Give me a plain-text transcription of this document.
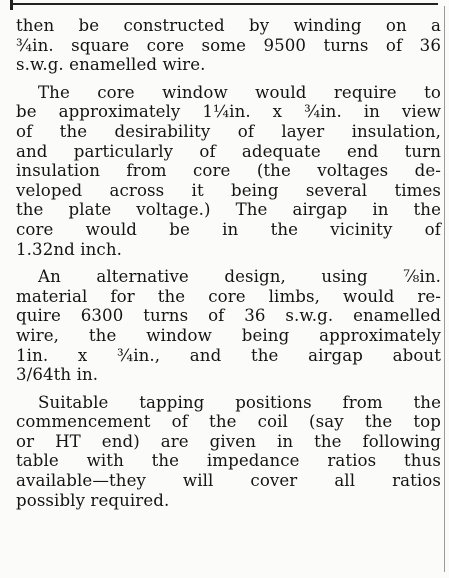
then be constructed by winding on a
¾in. square core some 9500 turns of 36
s.w.g. enamelled wire.
The core window would require to
be approximately 1¼in. x ¾in. in view
of the desirability of layer insulation,
and particularly of adequate end turn
insulation from core (the voltages de-
veloped across it being several times
the plate voltage.) The airgap in the
core would be in the vicinity of
1.32nd inch.
An alternative design, using ⅞in.
material for the core limbs, would re-
quire 6300 turns of 36 s.w.g. enamelled
wire, the window being approximately
1in. x ¾in., and the airgap about
3/64th in.
Suitable tapping positions from the
commencement of the coil (say the top
or HT end) are given in the following
table with the impedance ratios thus
available—they will cover all ratios
possibly required.
